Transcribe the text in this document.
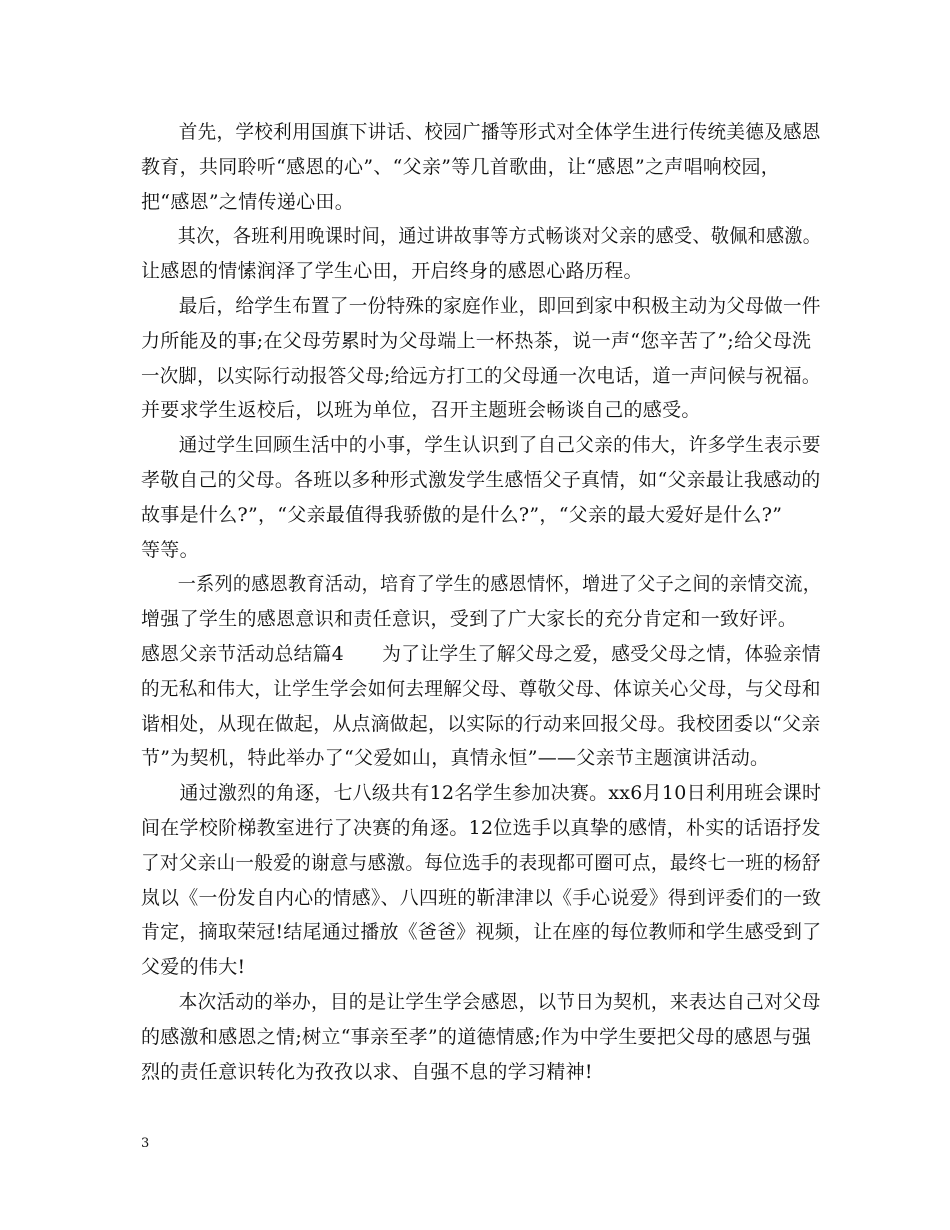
　　首先，学校利用国旗下讲话、校园广播等形式对全体学生进行传统美德及感恩
教育，共同聆听“感恩的心”、“父亲”等几首歌曲，让“感恩”之声唱响校园，
把“感恩”之情传递心田。
　　其次，各班利用晚课时间，通过讲故事等方式畅谈对父亲的感受、敬佩和感激。
让感恩的情愫润泽了学生心田，开启终身的感恩心路历程。
　　最后，给学生布置了一份特殊的家庭作业，即回到家中积极主动为父母做一件
力所能及的事;在父母劳累时为父母端上一杯热茶，说一声“您辛苦了”;给父母洗
一次脚，以实际行动报答父母;给远方打工的父母通一次电话，道一声问候与祝福。
并要求学生返校后，以班为单位，召开主题班会畅谈自己的感受。
　　通过学生回顾生活中的小事，学生认识到了自己父亲的伟大，许多学生表示要
孝敬自己的父母。各班以多种形式激发学生感悟父子真情，如“父亲最让我感动的
故事是什么?”，“父亲最值得我骄傲的是什么?”，“父亲的最大爱好是什么?”
等等。
　　一系列的感恩教育活动，培育了学生的感恩情怀，增进了父子之间的亲情交流，
增强了学生的感恩意识和责任意识，受到了广大家长的充分肯定和一致好评。
感恩父亲节活动总结篇4　　为了让学生了解父母之爱，感受父母之情，体验亲情
的无私和伟大，让学生学会如何去理解父母、尊敬父母、体谅关心父母，与父母和
谐相处，从现在做起，从点滴做起，以实际的行动来回报父母。我校团委以“父亲
节”为契机，特此举办了“父爱如山，真情永恒”——父亲节主题演讲活动。
　　通过激烈的角逐，七八级共有12名学生参加决赛。xx6月10日利用班会课时
间在学校阶梯教室进行了决赛的角逐。12位选手以真挚的感情，朴实的话语抒发
了对父亲山一般爱的谢意与感激。每位选手的表现都可圈可点，最终七一班的杨舒
岚以《一份发自内心的情感》、八四班的靳津津以《手心说爱》得到评委们的一致
肯定，摘取荣冠!结尾通过播放《爸爸》视频，让在座的每位教师和学生感受到了
父爱的伟大!
　　本次活动的举办，目的是让学生学会感恩，以节日为契机，来表达自己对父母
的感激和感恩之情;树立“事亲至孝”的道德情感;作为中学生要把父母的感恩与强
烈的责任意识转化为孜孜以求、自强不息的学习精神!
3
